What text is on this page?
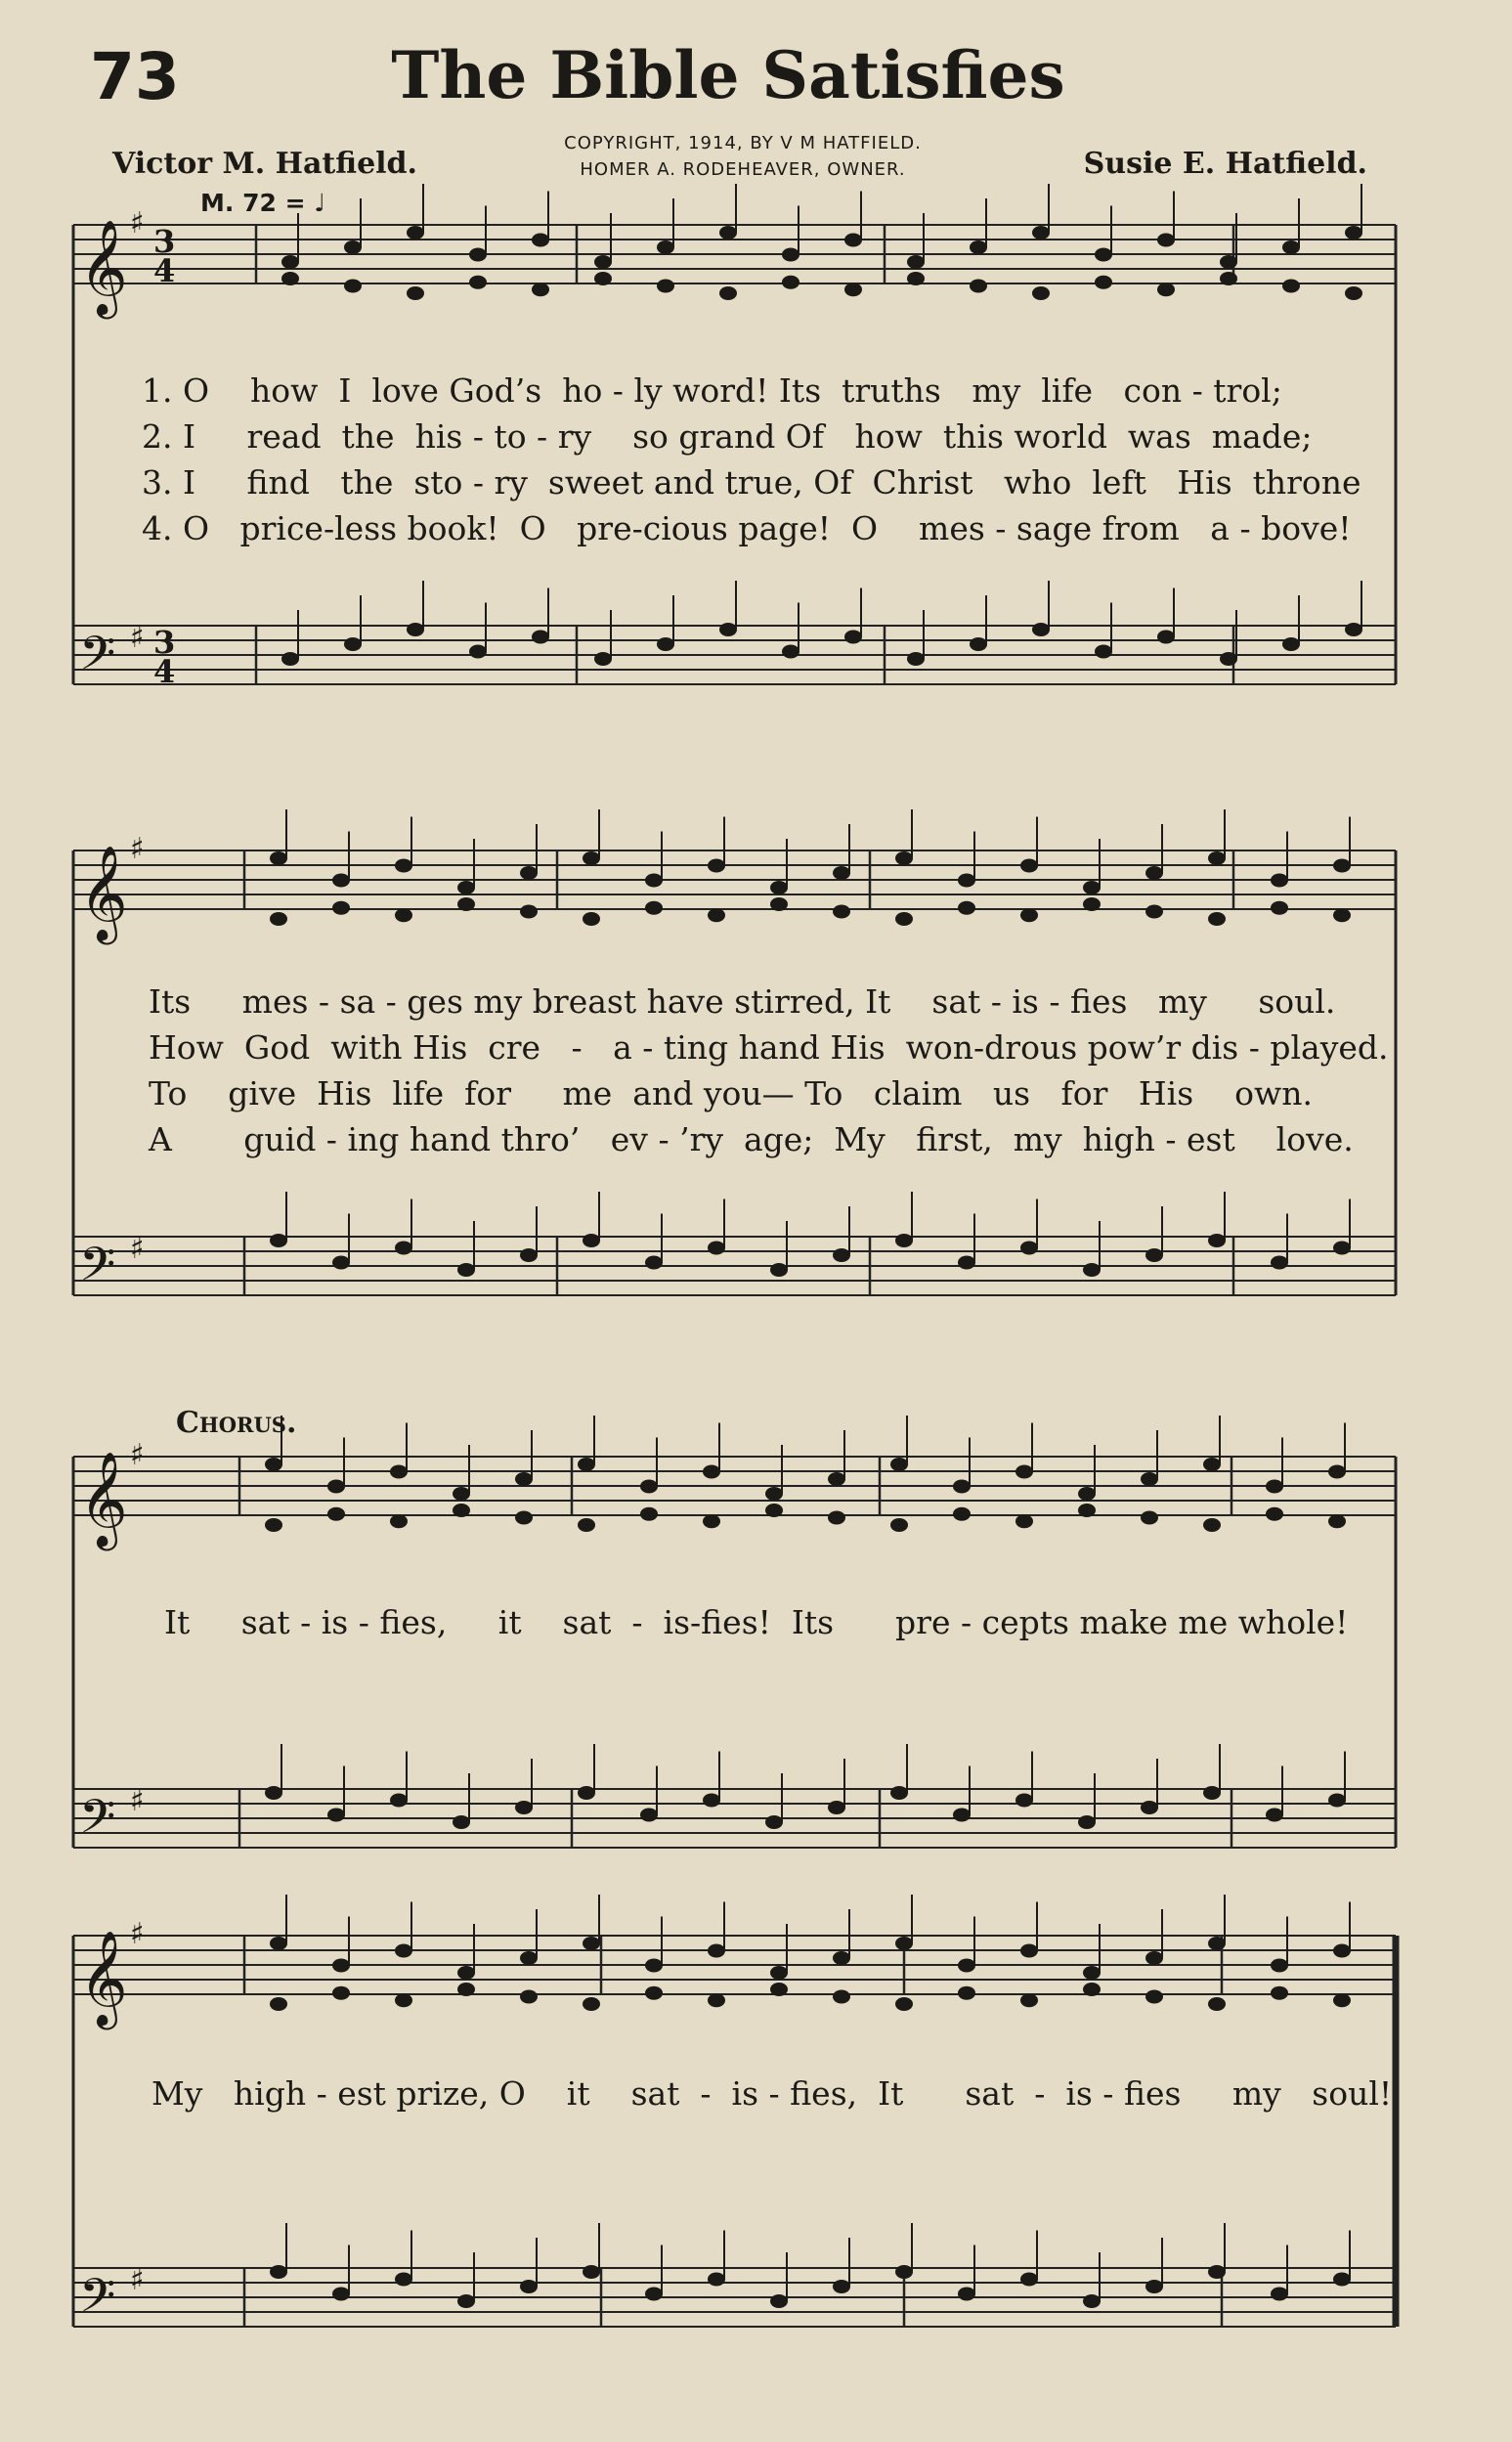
73	The Bible Satisfies
COPYRIGHT, 1914, BY V M HATFIELD.
HOMER A. RODEHEAVER, OWNER.
Victor M. Hatfield.	Susie E. Hatfield.
M. 72 = ♩
𝄞 ♯ 3
4
𝄢 ♯ 3
4
𝄞 ♯
𝄢 ♯
𝄞 ♯
𝄢 ♯
𝄞 ♯
𝄢 ♯
1. O    how  I  love God’s  ho - ly word! Its  truths   my  life   con - trol;
2. I     read  the  his - to - ry    so grand Of   how  this world  was  made;
3. I     find   the  sto - ry  sweet and true, Of  Christ   who  left   His  throne
4. O   price-less book!  O   pre-cious page!  O    mes - sage from   a - bove!
Its     mes - sa - ges my breast have stirred, It    sat - is - fies   my     soul.
How  God  with His  cre   -   a - ting hand His  won-drous pow’r dis - played.
To    give  His  life  for     me  and you— To   claim   us   for   His    own.
A       guid - ing hand thro’   ev - ’ry  age;  My   first,  my  high - est    love.
Chorus.
It     sat - is - fies,     it    sat  -  is-fies!  Its      pre - cepts make me whole!
My   high - est prize, O    it    sat  -  is - fies,  It      sat  -  is - fies     my   soul!
